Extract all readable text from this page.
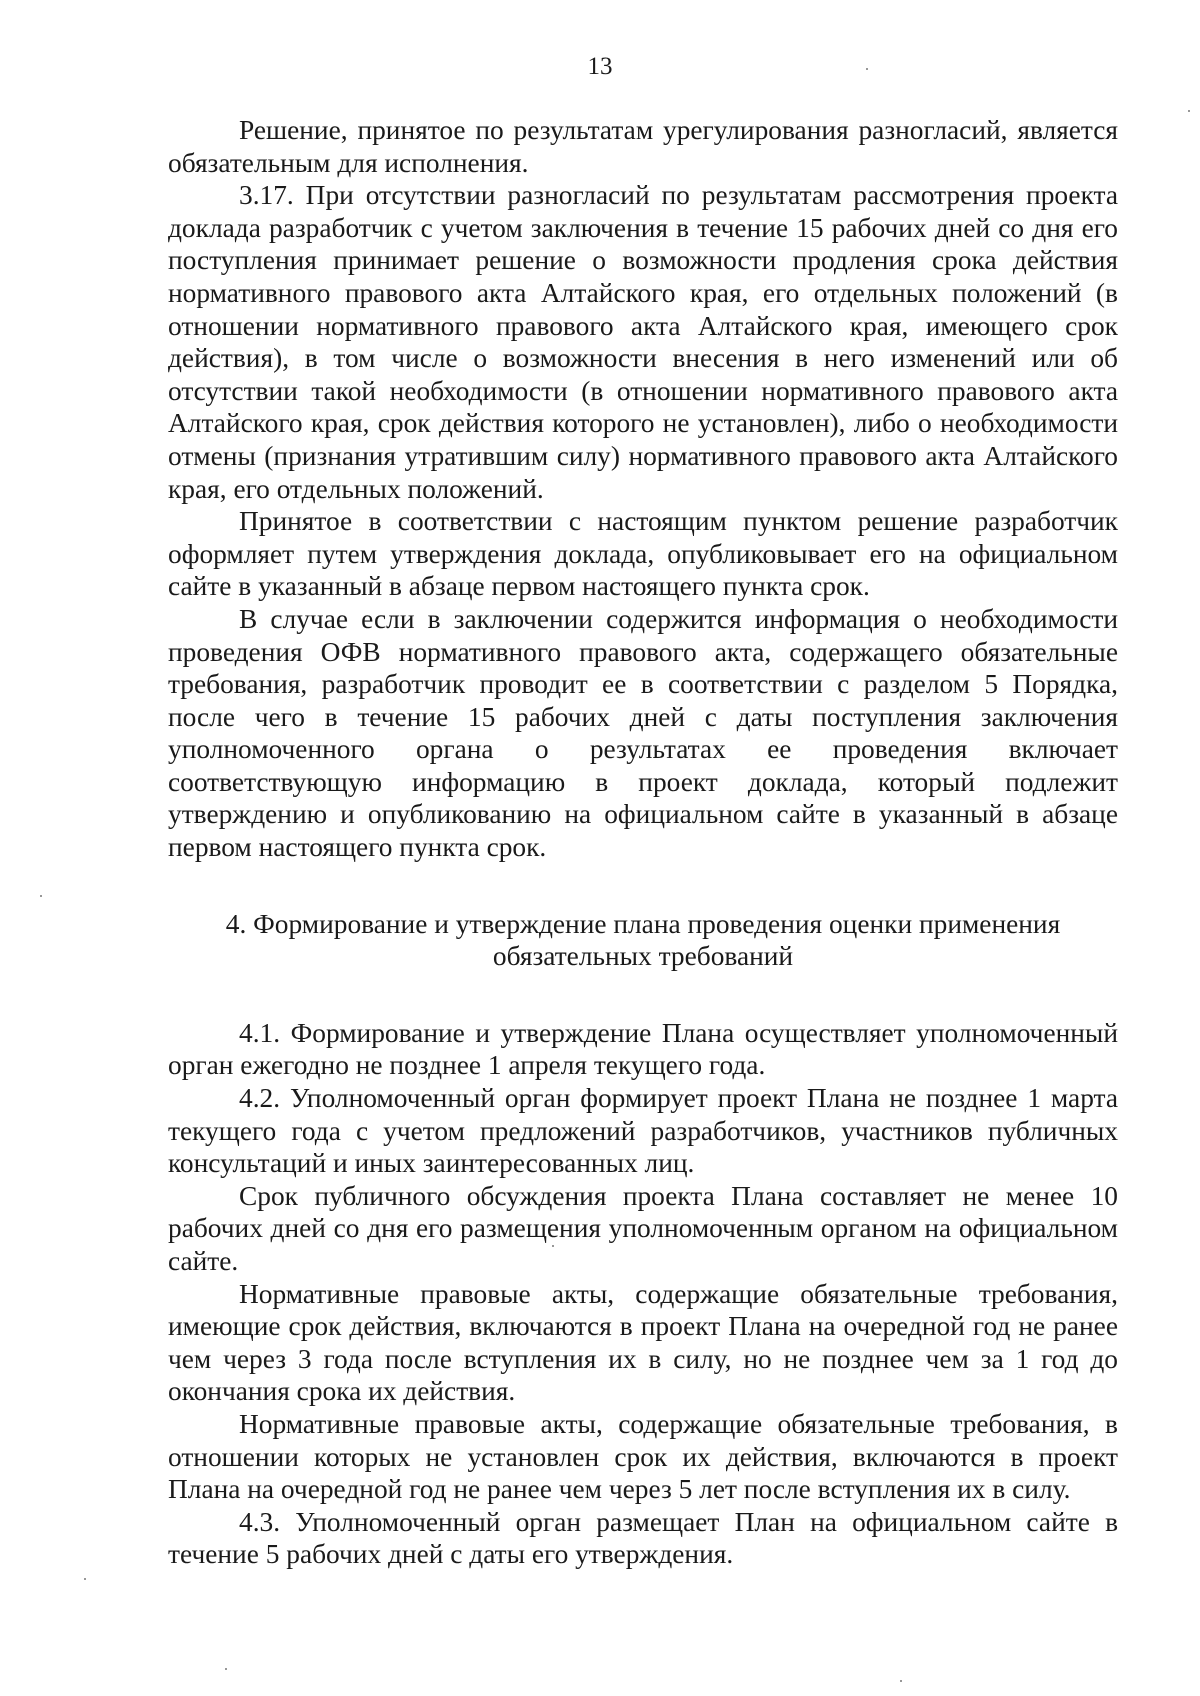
13

Решение, принятое по результатам урегулирования разногласий, является обязательным для исполнения.

3.17. При отсутствии разногласий по результатам рассмотрения проекта доклада разработчик с учетом заключения в течение 15 рабочих дней со дня его поступления принимает решение о возможности продления срока действия нормативного правового акта Алтайского края, его отдельных положений (в отношении нормативного правового акта Алтайского края, имеющего срок действия), в том числе о возможности внесения в него изменений или об отсутствии такой необходимости (в отношении нормативного правового акта Алтайского края, срок действия которого не установлен), либо о необходимости отмены (признания утратившим силу) нормативного правового акта Алтайского края, его отдельных положений.

Принятое в соответствии с настоящим пунктом решение разработчик оформляет путем утверждения доклада, опубликовывает его на официальном сайте в указанный в абзаце первом настоящего пункта срок.

В случае если в заключении содержится информация о необходимости проведения ОФВ нормативного правового акта, содержащего обязательные требования, разработчик проводит ее в соответствии с разделом 5 Порядка, после чего в течение 15 рабочих дней с даты поступления заключения уполномоченного органа о результатах ее проведения включает соответствующую информацию в проект доклада, который подлежит утверждению и опубликованию на официальном сайте в указанный в абзаце первом настоящего пункта срок.

4. Формирование и утверждение плана проведения оценки применения обязательных требований

4.1. Формирование и утверждение Плана осуществляет уполномоченный орган ежегодно не позднее 1 апреля текущего года.

4.2. Уполномоченный орган формирует проект Плана не позднее 1 марта текущего года с учетом предложений разработчиков, участников публичных консультаций и иных заинтересованных лиц.

Срок публичного обсуждения проекта Плана составляет не менее 10 рабочих дней со дня его размещения уполномоченным органом на официальном сайте.

Нормативные правовые акты, содержащие обязательные требования, имеющие срок действия, включаются в проект Плана на очередной год не ранее чем через 3 года после вступления их в силу, но не позднее чем за 1 год до окончания срока их действия.

Нормативные правовые акты, содержащие обязательные требования, в отношении которых не установлен срок их действия, включаются в проект Плана на очередной год не ранее чем через 5 лет после вступления их в силу.

4.3. Уполномоченный орган размещает План на официальном сайте в течение 5 рабочих дней с даты его утверждения.
